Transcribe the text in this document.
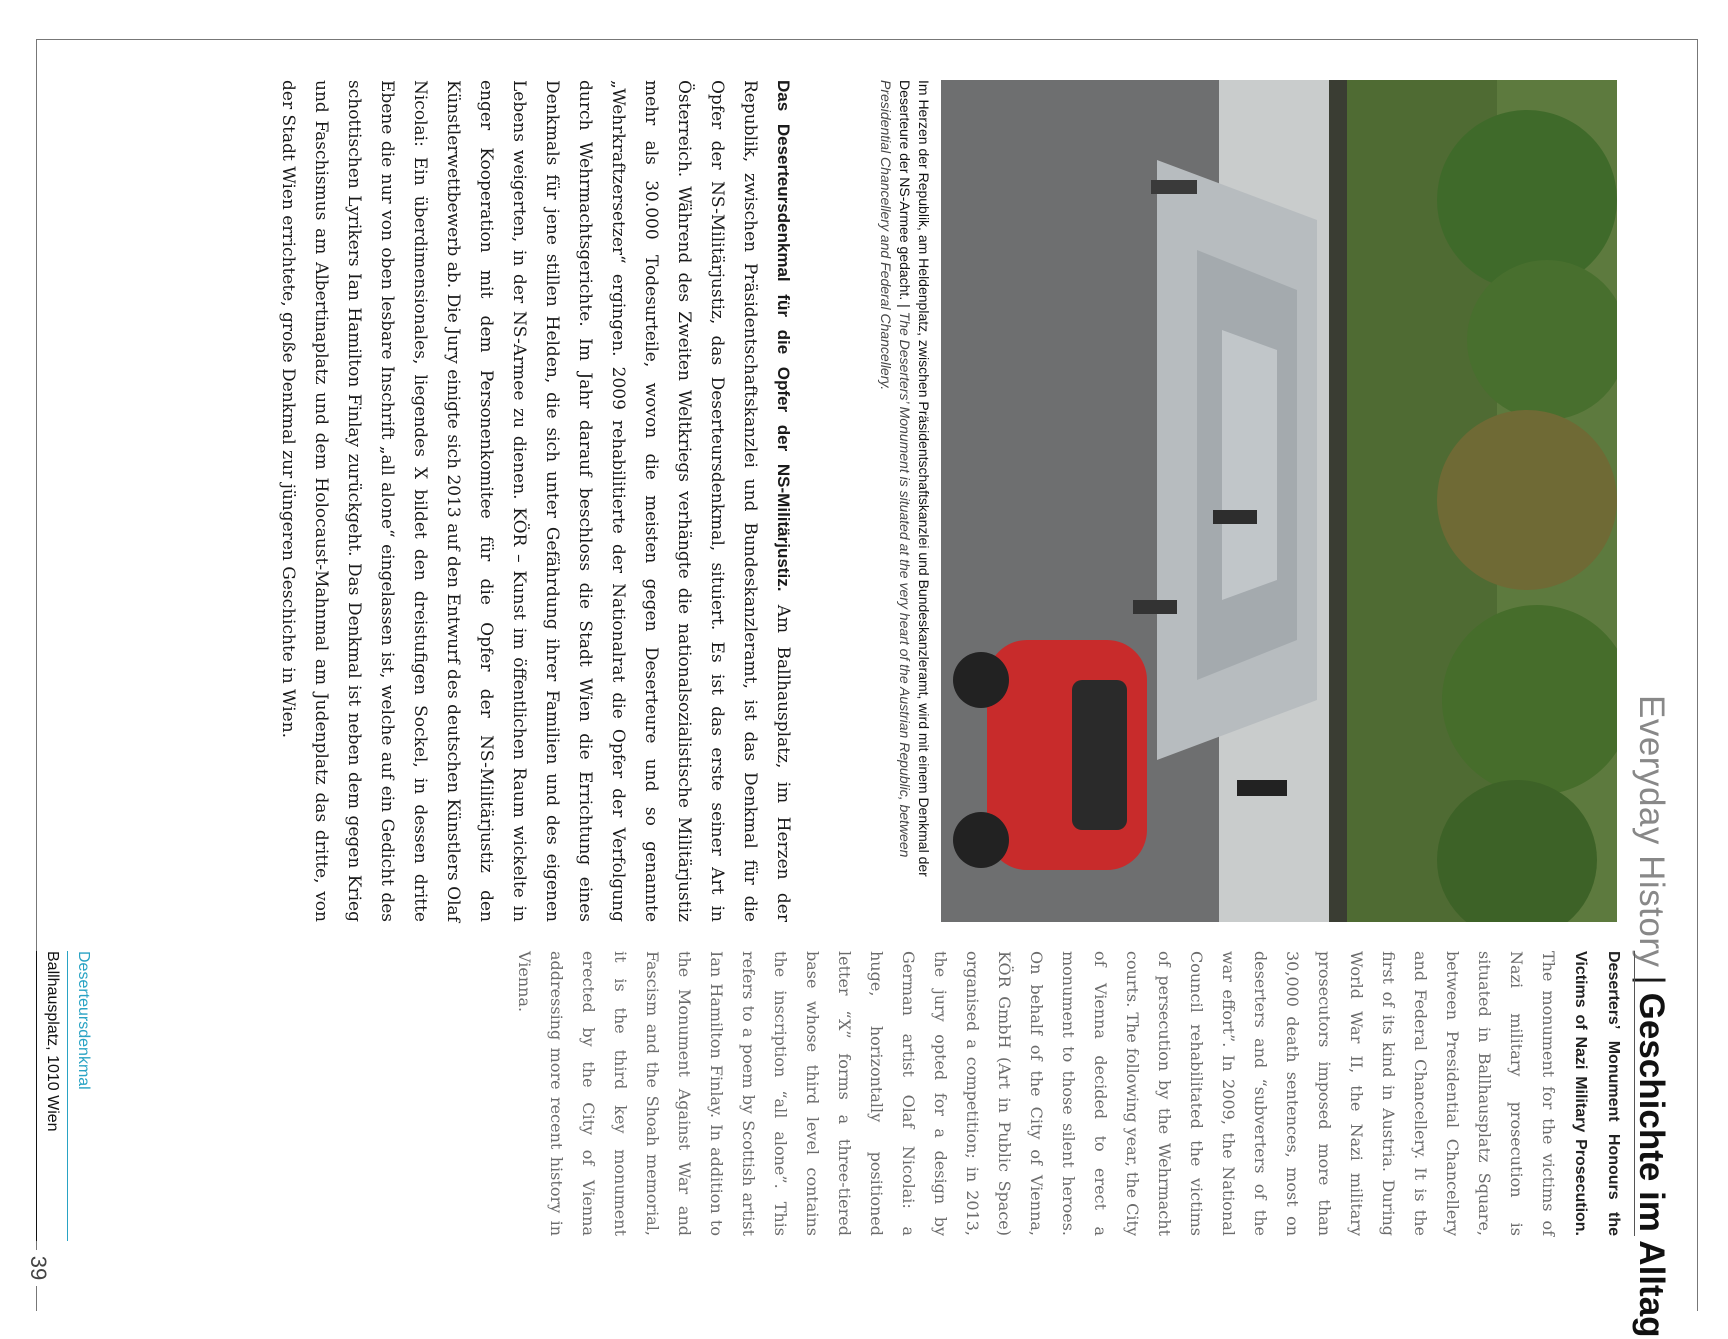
39
Everyday History|Geschichte im Alltag
Im Herzen der Republik, am Heldenplatz, zwischen Präsidentschaftskanzlei und Bundeskanzleramt, wird mit einem Denkmal der Deserteure der NS-Armee gedacht. | The Deserters’ Monument is situated at the very heart of the Austrian Republic, between Presidential Chancellery and Federal Chancellery.
Das Deserteursdenkmal für die Opfer der NS-Militärjustiz. Am Ballhausplatz, im Herzen der Republik, zwischen Präsidentschaftskanzlei und Bundeskanzleramt, ist das Denkmal für die Opfer der NS-Militärjustiz, das Deserteursdenkmal, situiert. Es ist das erste seiner Art in Österreich. Während des Zweiten Weltkriegs verhängte die nationalsozialistische Militärjustiz mehr als 30.000 Todesurteile, wovon die meisten gegen Deserteure und so genannte „Wehrkraftzersetzer“ ergingen. 2009 rehabilitierte der Nationalrat die Opfer der Verfolgung durch Wehrmachtsgerichte. Im Jahr darauf beschloss die Stadt Wien die Errichtung eines Denkmals für jene stillen Helden, die sich unter Gefährdung ihrer Familien und des eigenen Lebens weigerten, in der NS-Armee zu dienen. KÖR – Kunst im öffentlichen Raum wickelte in enger Kooperation mit dem Personenkomitee für die Opfer der NS-Militärjustiz den Künstlerwettbewerb ab. Die Jury einigte sich 2013 auf den Entwurf des deutschen Künstlers Olaf Nicolai: Ein überdimensionales, liegendes X bildet den dreistufigen Sockel, in dessen dritte Ebene die nur von oben lesbare Inschrift „all alone“ eingelassen ist, welche auf ein Gedicht des schottischen Lyrikers Ian Hamilton Finlay zurückgeht. Das Denkmal ist neben dem gegen Krieg und Faschismus am Albertinaplatz und dem Holocaust-Mahnmal am Judenplatz das dritte, von der Stadt Wien errichtete, große Denkmal zur jüngeren Geschichte in Wien.
Deserters’ Monument Honours the Victims of Nazi Military Prosecution. The monument for the victims of Nazi military prosecution is situated in Ballhausplatz Square, between Presidential Chancellery and Federal Chancellery. It is the first of its kind in Austria. During World War II, the Nazi military prosecutors imposed more than 30,000 death sentences, most on deserters and “subverters of the war effort”. In 2009, the National Council rehabilitated the victims of persecution by the Wehrmacht courts. The following year, the City of Vienna decided to erect a monument to those silent heroes. On behalf of the City of Vienna, KÖR GmbH (Art in Public Space) organised a competition; in 2013, the jury opted for a design by German artist Olaf Nicolai: a huge, horizontally positioned letter “X” forms a three-tiered base whose third level contains the inscription “all alone”. This refers to a poem by Scottish artist Ian Hamilton Finlay. In addition to the Monument Against War and Fascism and the Shoah memorial, it is the third key monument erected by the City of Vienna addressing more recent history in Vienna.
Deserteursdenkmal
Ballhausplatz, 1010 Wien
